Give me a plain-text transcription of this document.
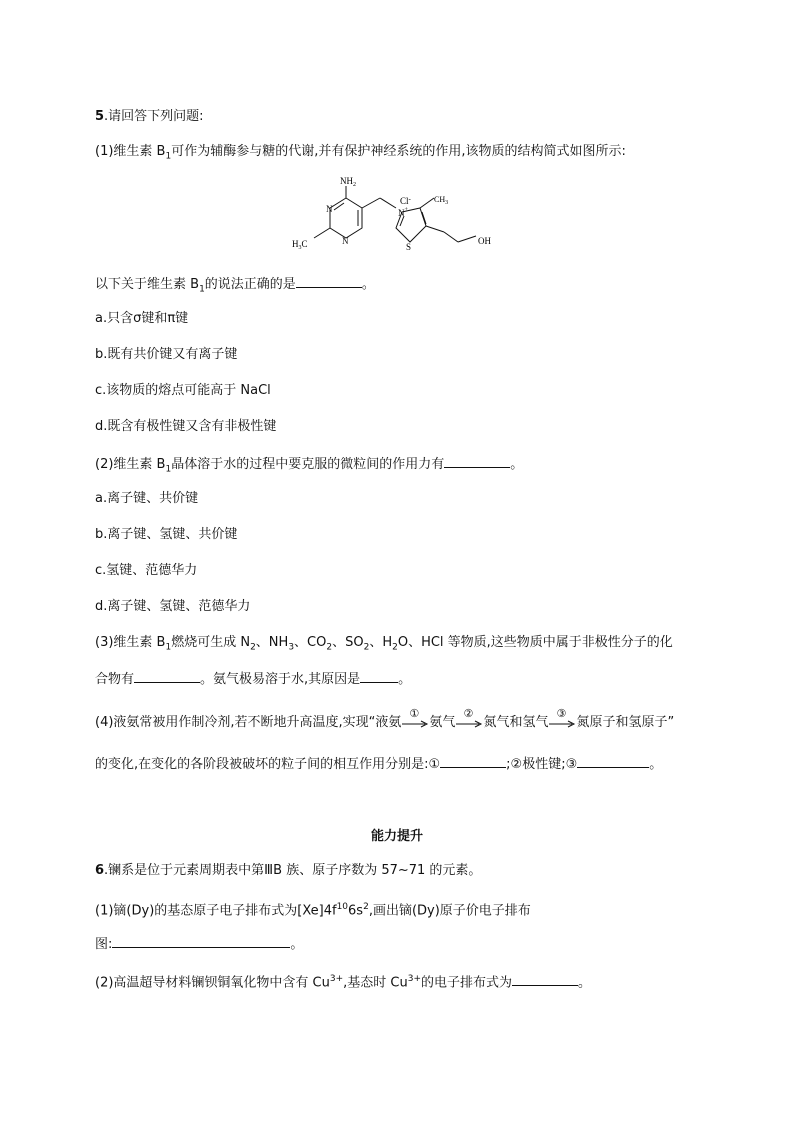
5.请回答下列问题:
(1)维生素 $B_1$可作为辅酶参与糖的代谢,并有保护神经系统的作用,该物质的结构简式如图所示:
$NH_2$
N
N
$H_3C$
N+
Cl-
S
$CH_3$
OH
以下关于维生素 $B_1$的说法正确的是	。
a.只含σ键和π键
b.既有共价键又有离子键
c.该物质的熔点可能高于 NaCl
d.既含有极性键又含有非极性键
(2)维生素 $B_1$晶体溶于水的过程中要克服的微粒间的作用力有	。
a.离子键、共价键
b.离子键、氢键、共价键
c.氢键、范德华力
d.离子键、氢键、范德华力
(3)维生素 $B_1$燃烧可生成 $N_2$、$NH_3$、$CO_2$、$SO_2$、$H_2O$、HCl 等物质,这些物质中属于非极性分子的化
合物有	。氨气极易溶于水,其原因是	。
(4)液氨常被用作制冷剂,若不断地升高温度,实现“液氨
①
氨气
②
氮气和氢气
③
氮原子和氢原子”
的变化,在变化的各阶段被破坏的粒子间的相互作用分别是:①	;②极性键;③	。
能力提升
6.镧系是位于元素周期表中第ⅢB 族、原子序数为 57~71 的元素。
(1)镝(Dy)的基态原子电子排布式为$[Xe]4f^{10}6s^2$,画出镝(Dy)原子价电子排布
图:	。
(2)高温超导材料镧钡铜氧化物中含有 $Cu^{3+}$,基态时 $Cu^{3+}$的电子排布式为	。
